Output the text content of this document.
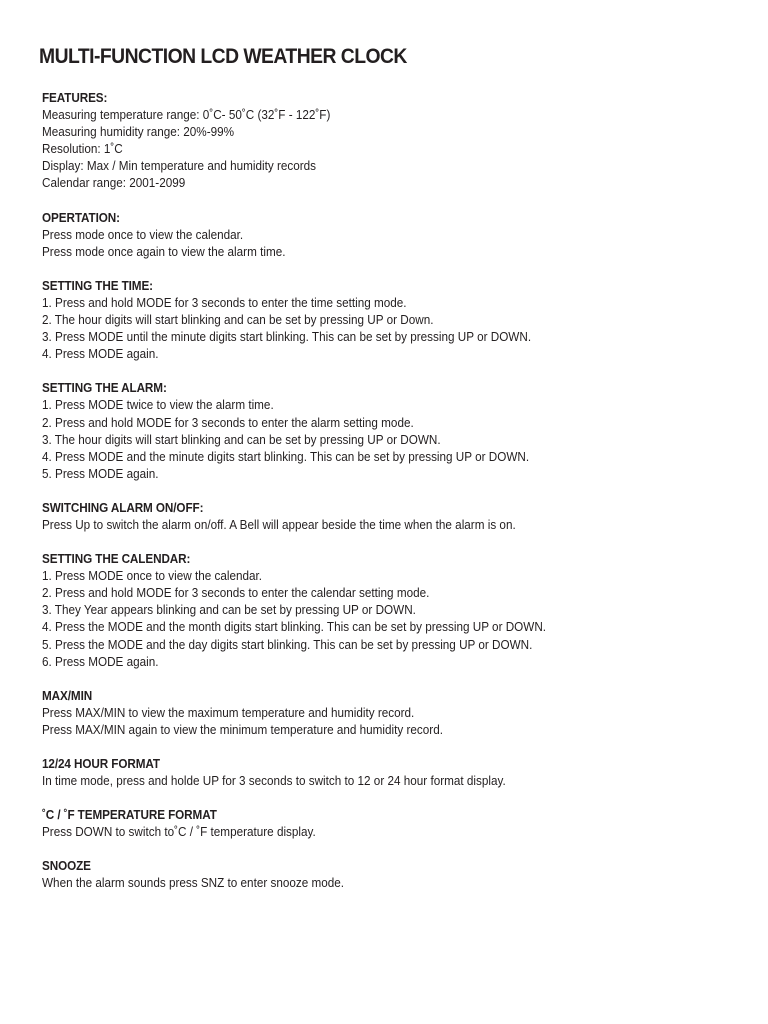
MULTI-FUNCTION LCD WEATHER CLOCK
FEATURES:
Measuring temperature range: 0˚C- 50˚C (32˚F - 122˚F)
Measuring humidity range: 20%-99%
Resolution: 1˚C
Display: Max / Min temperature and humidity records
Calendar range: 2001-2099
OPERTATION:
Press mode once to view the calendar.
Press mode once again to view the alarm time.
SETTING THE TIME:
1. Press and hold MODE for 3 seconds to enter the time setting mode.
2. The hour digits will start blinking and can be set by pressing UP or Down.
3. Press MODE until the minute digits start blinking. This can be set by pressing UP or DOWN.
4. Press MODE again.
SETTING THE ALARM:
1. Press MODE twice to view the alarm time.
2. Press and hold MODE for 3 seconds to enter the alarm setting mode.
3. The hour digits will start blinking and can be set by pressing UP or DOWN.
4. Press MODE and the minute digits start blinking. This can be set by pressing UP or DOWN.
5. Press MODE again.
SWITCHING ALARM ON/OFF:
Press Up to switch the alarm on/off. A Bell will appear beside the time when the alarm is on.
SETTING THE CALENDAR:
1. Press MODE once to view the calendar.
2. Press and hold MODE for 3 seconds to enter the calendar setting mode.
3. They Year appears blinking and can be set by pressing UP or DOWN.
4. Press the MODE and the month digits start blinking. This can be set by pressing UP or DOWN.
5. Press the MODE and the day digits start blinking. This can be set by pressing UP or DOWN.
6. Press MODE again.
MAX/MIN
Press MAX/MIN to view the maximum temperature and humidity record.
Press MAX/MIN again to view the minimum temperature and humidity record.
12/24 HOUR FORMAT
In time mode, press and holde UP for 3 seconds to switch to 12 or 24 hour format display.
˚C / ˚F TEMPERATURE FORMAT
Press DOWN to switch to˚C / ˚F temperature display.
SNOOZE
When the alarm sounds press SNZ to enter snooze mode.
